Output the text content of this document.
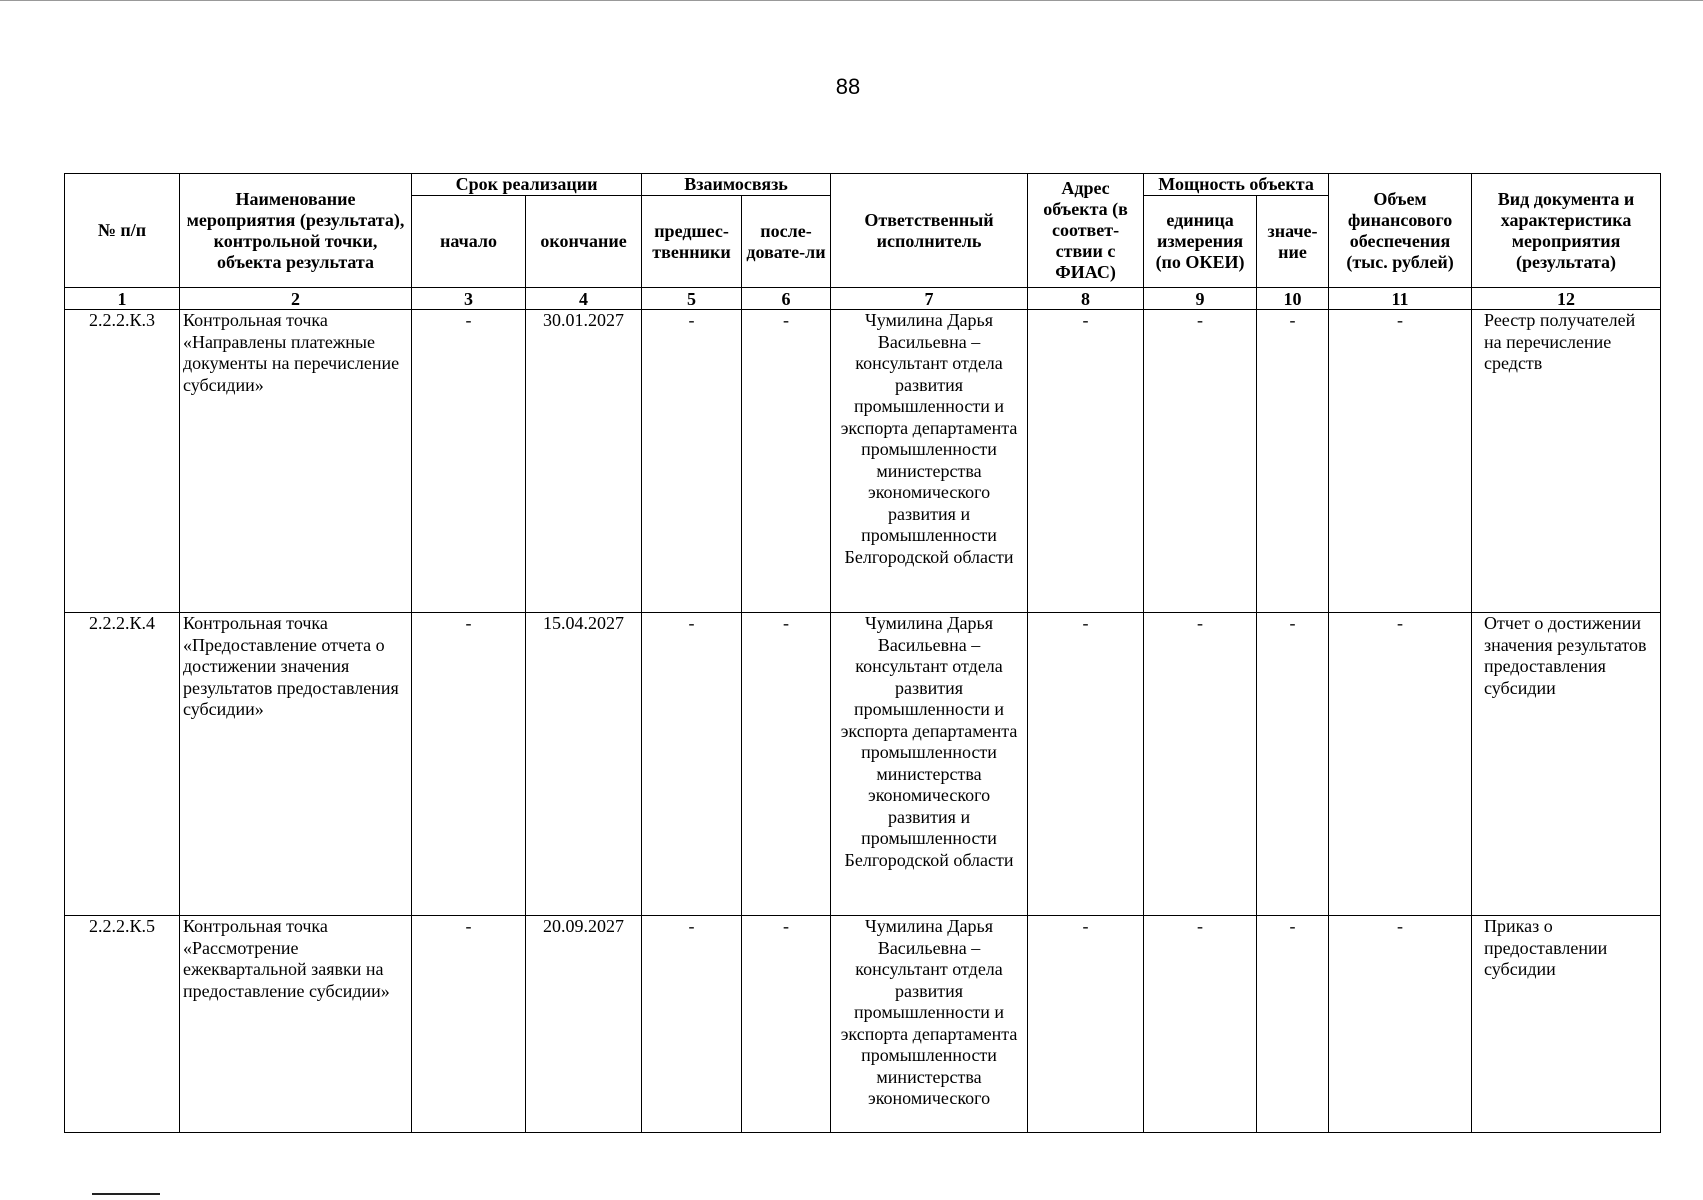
88
№ п/п	Наименование мероприятия (результата), контрольной точки, объекта результата	Срок реализации		Взаимосвязь		Ответственный исполнитель	Адрес объекта (в соответ-ствии с ФИАС)	Мощность объекта		Объем финансового обеспечения (тыс. рублей)	Вид документа и характеристика мероприятия (результата)
		начало	окончание	предшес-твенники	после-довате-ли			единица измерения (по ОКЕИ)	значе-ние		
1	2	3	4	5	6	7	8	9	10	11	12
2.2.2.К.3	Контрольная точка «Направлены платежные документы на перечисление субсидии»	-	30.01.2027	-	-	Чумилина Дарья Васильевна – консультант отдела развития промышленности и экспорта департамента промышленности министерства экономического развития и промышленности Белгородской области	-	-	-	-	Реестр получателей на перечисление средств
2.2.2.К.4	Контрольная точка «Предоставление отчета о достижении значения результатов предоставления субсидии»	-	15.04.2027	-	-	Чумилина Дарья Васильевна – консультант отдела развития промышленности и экспорта департамента промышленности министерства экономического развития и промышленности Белгородской области	-	-	-	-	Отчет о достижении значения результатов предоставления субсидии
2.2.2.К.5	Контрольная точка «Рассмотрение ежеквартальной заявки на предоставление субсидии»	-	20.09.2027	-	-	Чумилина Дарья Васильевна – консультант отдела развития промышленности и экспорта департамента промышленности министерства экономического	-	-	-	-	Приказ о предоставлении субсидии
